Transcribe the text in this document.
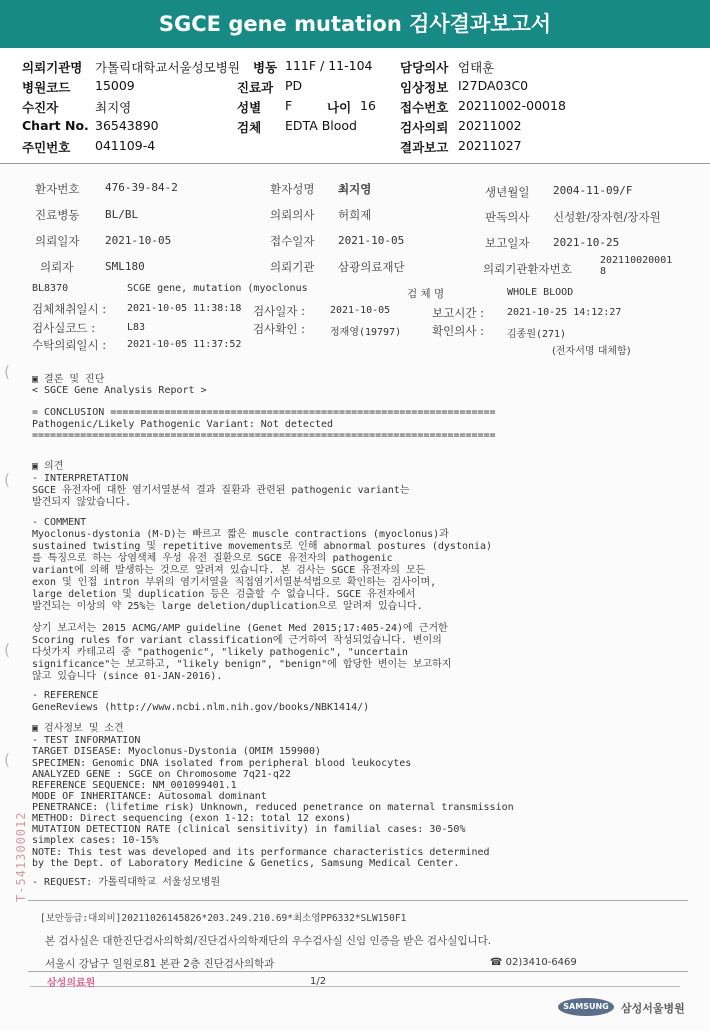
SGCE gene mutation 검사결과보고서
의뢰기관명 가톨릭대학교서울성모병원 병동 111F / 11-104 담당의사 엄태훈
병원코드 15009	진료과 PD	임상정보 I27DA03C0
수진자	최지영	성별 F	나이 16 접수번호 20211002-00018
Chart No. 36543890	검체 EDTA Blood	검사의뢰 20211002
주민번호 041109-4	결과보고 20211027
(
(
(
(
환자번호 476-39-84-2	환자성명 최지영	생년월일 2004-11-09/F
진료병동 BL/BL	의뢰의사 허희제	판독의사 신성환/장자현/장자원
의뢰일자 2021-10-05	접수일자 2021-10-05	보고일자 2021-10-25
의뢰자	SML180	의뢰기관 삼광의료재단	의뢰기관환자번호
202110020001
8
BL8370	SCGE gene, mutation (myoclonus	검 체 명	WHOLE BLOOD
검체채취일시 : 2021-10-05 11:38:18 검사일자 :	2021-10-05	보고시간 : 2021-10-25 14:12:27
검사실코드 :	L83	검사확인 :	정재영(19797)	확인의사 : 김종원(271)
수탁의뢰일시 : 2021-10-05 11:37:52
(전자서명 대체함)
▣ 결론 및 진단
< SGCE Gene Analysis Report >
= CONCLUSION ================================================================
Pathogenic/Likely Pathogenic Variant: Not detected
=============================================================================
▣ 의견
- INTERPRETATION
SGCE 유전자에 대한 염기서열분석 결과 질환과 관련된 pathogenic variant는
발견되지 않았습니다.
- COMMENT
Myoclonus-dystonia (M-D)는 빠르고 짧은 muscle contractions (myoclonus)과
sustained twisting 및 repetitive movements로 인해 abnormal postures (dystonia)
를 특징으로 하는 상염색체 우성 유전 질환으로 SGCE 유전자의 pathogenic
variant에 의해 발생하는 것으로 알려져 있습니다. 본 검사는 SGCE 유전자의 모든
exon 및 인접 intron 부위의 염기서열을 직접염기서열분석법으로 확인하는 검사이며,
large deletion 및 duplication 등은 검출할 수 없습니다. SGCE 유전자에서
발견되는 이상의 약 25%는 large deletion/duplication으로 알려져 있습니다.
상기 보고서는 2015 ACMG/AMP guideline (Genet Med 2015;17:405-24)에 근거한
Scoring rules for variant classification에 근거하여 작성되었습니다. 변이의
다섯가지 카테고리 중 "pathogenic", "likely pathogenic", "uncertain
significance"는 보고하고, "likely benign", "benign"에 합당한 변이는 보고하지
않고 있습니다 (since 01-JAN-2016).
- REFERENCE
GeneReviews (http://www.ncbi.nlm.nih.gov/books/NBK1414/)
▣ 검사정보 및 소견
- TEST INFORMATION
TARGET DISEASE: Myoclonus-Dystonia (OMIM 159900)
SPECIMEN: Genomic DNA isolated from peripheral blood leukocytes
ANALYZED GENE : SGCE on Chromosome 7q21-q22
REFERENCE SEQUENCE: NM_001099401.1
MODE OF INHERITANCE: Autosomal dominant
PENETRANCE: (lifetime risk) Unknown, reduced penetrance on maternal transmission
METHOD: Direct sequencing (exon 1-12: total 12 exons)
MUTATION DETECTION RATE (clinical sensitivity) in familial cases: 30-50%
simplex cases: 10-15%
NOTE: This test was developed and its performance characteristics determined
by the Dept. of Laboratory Medicine & Genetics, Samsung Medical Center.
- REQUEST: 가톨릭대학교 서울성모병원
T-541300012
[보안등급:대외비]20211026145826*203.249.210.69*최소영PP6332*SLW150F1
본 검사실은 대한진단검사의학회/진단검사의학재단의 우수검사실 신임 인증을 받은 검사실입니다.
서울시 강남구 일원로81 본관 2층 진단검사의학과	☎ 02)3410-6469
삼성의료원	1/2
SAMSUNG	삼성서울병원
